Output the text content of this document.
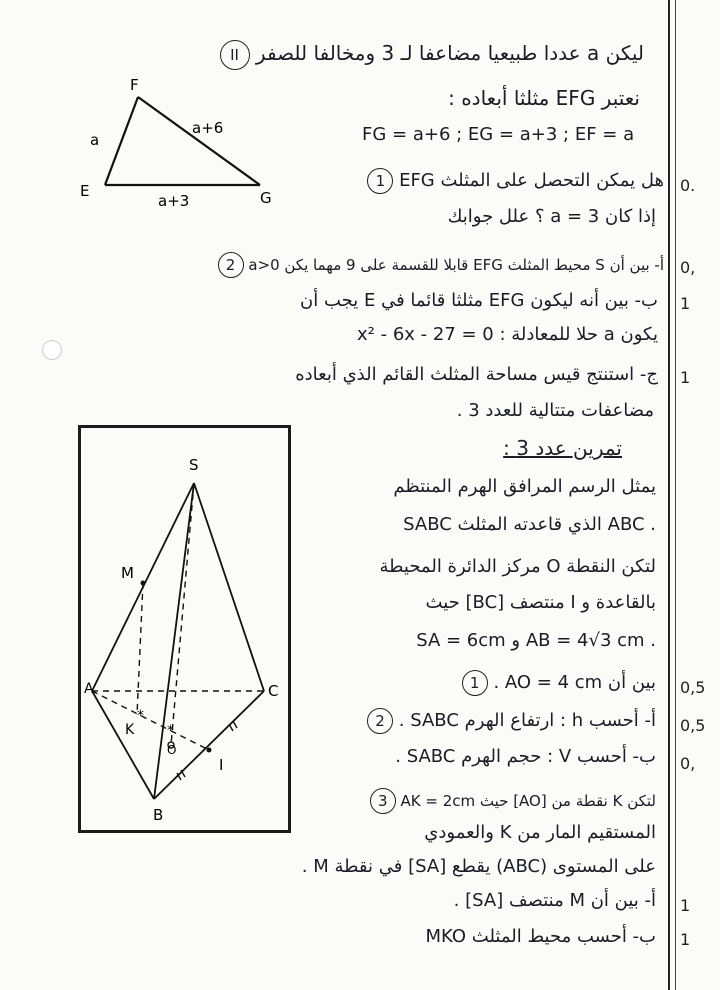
ليكن a عددا طبيعيا مضاعفا لـ 3 ومخالفا للصفر II
نعتبر EFG مثلثا أبعاده :
FG = a+6 ; EG = a+3 ; EF = a
F
E	G
a
a+6
a+3
هل يمكن التحصل على المثلث EFG 1
إذا كان a = 3 ؟ علل جوابك
أ- بين أن S محيط المثلث EFG قابلا للقسمة على 9 مهما يكن a>0 2
ب- بين أنه ليكون EFG مثلثا قائما في E يجب أن
يكون a حلا للمعادلة : x² - 6x - 27 = 0
ج- استنتج قيس مساحة المثلث القائم الذي أبعاده
مضاعفات متتالية للعدد 3 .
تمرين عدد 3 :
يمثل الرسم المرافق الهرم المنتظم
SABC الذي قاعدته المثلث ABC .
لتكن النقطة O مركز الدائرة المحيطة
بالقاعدة و I منتصف [BC] حيث
SA = 6cm و AB = 4√3 cm .
بين أن AO = 4 cm . 1
أ- أحسب h : ارتفاع الهرم SABC . 2
ب- أحسب V : حجم الهرم SABC .
لتكن K نقطة من [AO] حيث AK = 2cm 3
المستقيم المار من K والعمودي
على المستوى (ABC) يقطع [SA] في نقطة M .
أ- بين أن M منتصف [SA] .
ب- أحسب محيط المثلث MKO
*
*
S
M
A	C
K
O
I
B
0.
0,
1
1
0,5
0,5
0,
1
1
